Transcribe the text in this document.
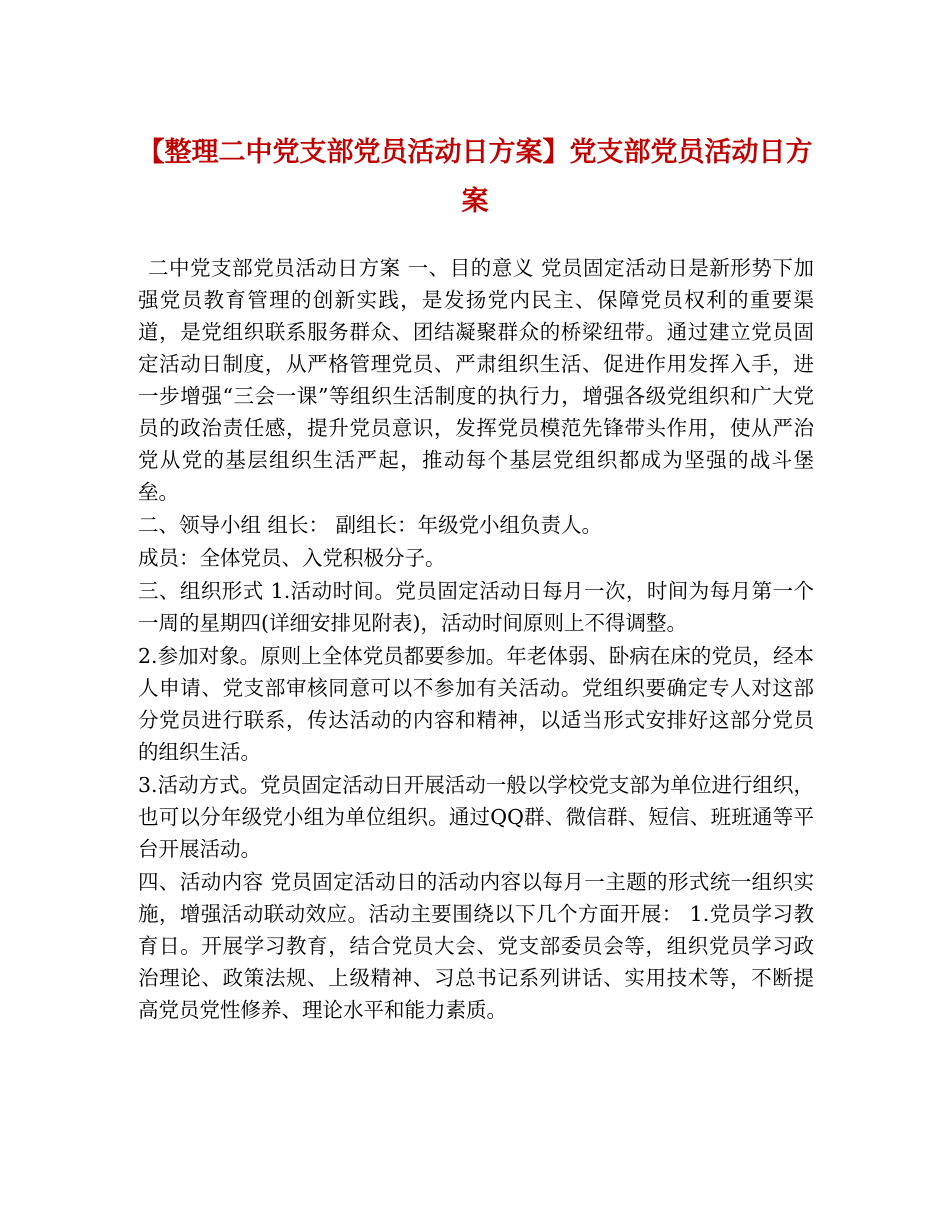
【整理二中党支部党员活动日方案】党支部党员活动日方案

二中党支部党员活动日方案 一、目的意义 党员固定活动日是新形势下加强党员教育管理的创新实践，是发扬党内民主、保障党员权利的重要渠道，是党组织联系服务群众、团结凝聚群众的桥梁纽带。通过建立党员固定活动日制度，从严格管理党员、严肃组织生活、促进作用发挥入手，进一步增强“三会一课”等组织生活制度的执行力，增强各级党组织和广大党员的政治责任感，提升党员意识，发挥党员模范先锋带头作用，使从严治党从党的基层组织生活严起，推动每个基层党组织都成为坚强的战斗堡垒。

二、领导小组 组长： 副组长：年级党小组负责人。

成员：全体党员、入党积极分子。

三、组织形式 1.活动时间。党员固定活动日每月一次，时间为每月第一个一周的星期四(详细安排见附表)，活动时间原则上不得调整。

2.参加对象。原则上全体党员都要参加。年老体弱、卧病在床的党员，经本人申请、党支部审核同意可以不参加有关活动。党组织要确定专人对这部分党员进行联系，传达活动的内容和精神，以适当形式安排好这部分党员的组织生活。

3.活动方式。党员固定活动日开展活动一般以学校党支部为单位进行组织，也可以分年级党小组为单位组织。通过QQ群、微信群、短信、班班通等平台开展活动。

四、活动内容 党员固定活动日的活动内容以每月一主题的形式统一组织实施，增强活动联动效应。活动主要围绕以下几个方面开展： 1.党员学习教育日。开展学习教育，结合党员大会、党支部委员会等，组织党员学习政治理论、政策法规、上级精神、习总书记系列讲话、实用技术等，不断提高党员党性修养、理论水平和能力素质。
